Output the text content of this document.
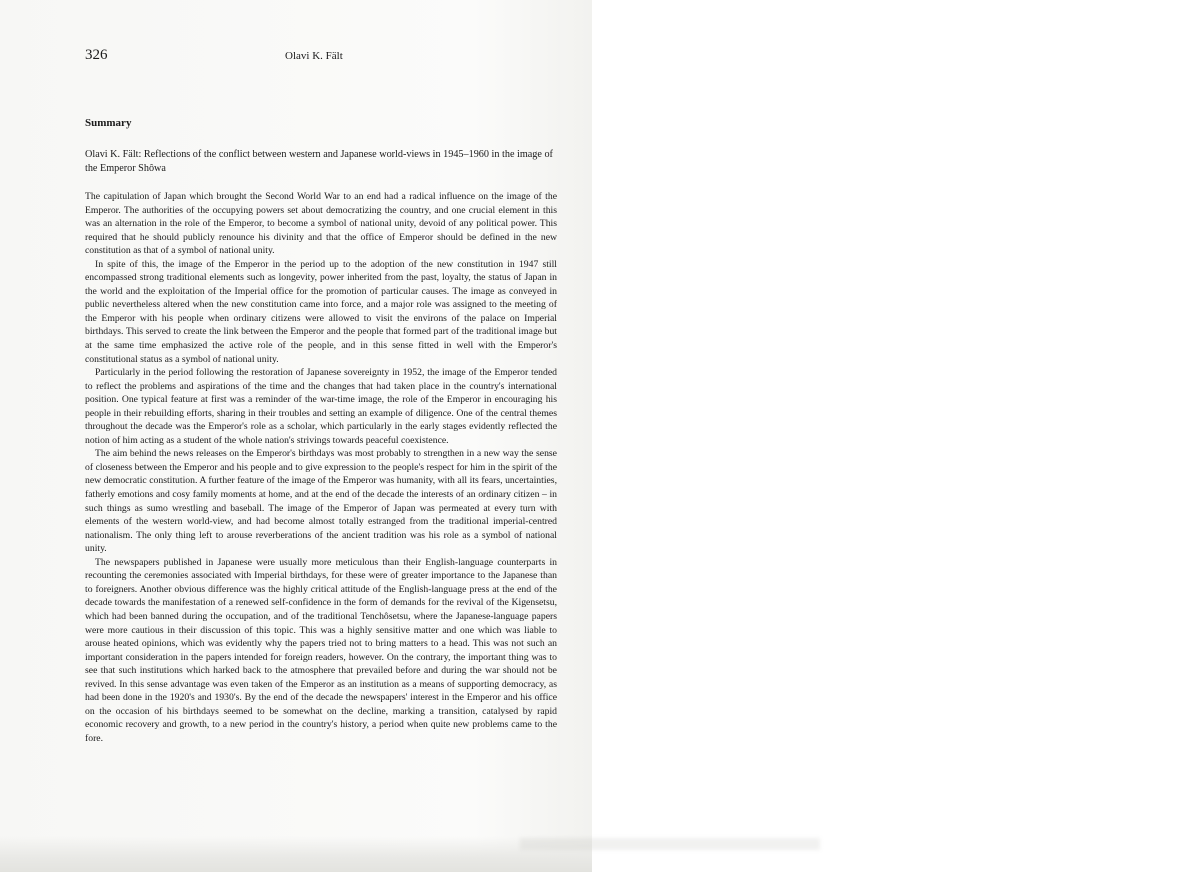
326	Olavi K. Fält
Summary
Olavi K. Fält: Reflections of the conflict between western and Japanese world-views in 1945–1960 in the image of the Emperor Shôwa

The capitulation of Japan which brought the Second World War to an end had a radical influence on the image of the Emperor. The authorities of the occupying powers set about democratizing the country, and one crucial element in this was an alternation in the role of the Emperor, to become a symbol of national unity, devoid of any political power. This required that he should publicly renounce his divinity and that the office of Emperor should be defined in the new constitution as that of a symbol of national unity.

In spite of this, the image of the Emperor in the period up to the adoption of the new constitution in 1947 still encompassed strong traditional elements such as longevity, power inherited from the past, loyalty, the status of Japan in the world and the exploitation of the Imperial office for the promotion of particular causes. The image as conveyed in public nevertheless altered when the new constitution came into force, and a major role was assigned to the meeting of the Emperor with his people when ordinary citizens were allowed to visit the environs of the palace on Imperial birthdays. This served to create the link between the Emperor and the people that formed part of the traditional image but at the same time emphasized the active role of the people, and in this sense fitted in well with the Emperor's constitutional status as a symbol of national unity.

Particularly in the period following the restoration of Japanese sovereignty in 1952, the image of the Emperor tended to reflect the problems and aspirations of the time and the changes that had taken place in the country's international position. One typical feature at first was a reminder of the war-time image, the role of the Emperor in encouraging his people in their rebuilding efforts, sharing in their troubles and setting an example of diligence. One of the central themes throughout the decade was the Emperor's role as a scholar, which particularly in the early stages evidently reflected the notion of him acting as a student of the whole nation's strivings towards peaceful coexistence.

The aim behind the news releases on the Emperor's birthdays was most probably to strengthen in a new way the sense of closeness between the Emperor and his people and to give expression to the people's respect for him in the spirit of the new democratic constitution. A further feature of the image of the Emperor was humanity, with all its fears, uncertainties, fatherly emotions and cosy family moments at home, and at the end of the decade the interests of an ordinary citizen – in such things as sumo wrestling and baseball. The image of the Emperor of Japan was permeated at every turn with elements of the western world-view, and had become almost totally estranged from the traditional imperial-centred nationalism. The only thing left to arouse reverberations of the ancient tradition was his role as a symbol of national unity.

The newspapers published in Japanese were usually more meticulous than their English-language counterparts in recounting the ceremonies associated with Imperial birthdays, for these were of greater importance to the Japanese than to foreigners. Another obvious difference was the highly critical attitude of the English-language press at the end of the decade towards the manifestation of a renewed self-confidence in the form of demands for the revival of the Kigensetsu, which had been banned during the occupation, and of the traditional Tenchôsetsu, where the Japanese-language papers were more cautious in their discussion of this topic. This was a highly sensitive matter and one which was liable to arouse heated opinions, which was evidently why the papers tried not to bring matters to a head. This was not such an important consideration in the papers intended for foreign readers, however. On the contrary, the important thing was to see that such institutions which harked back to the atmosphere that prevailed before and during the war should not be revived. In this sense advantage was even taken of the Emperor as an institution as a means of supporting democracy, as had been done in the 1920's and 1930's. By the end of the decade the newspapers' interest in the Emperor and his office on the occasion of his birthdays seemed to be somewhat on the decline, marking a transition, catalysed by rapid economic recovery and growth, to a new period in the country's history, a period when quite new problems came to the fore.
